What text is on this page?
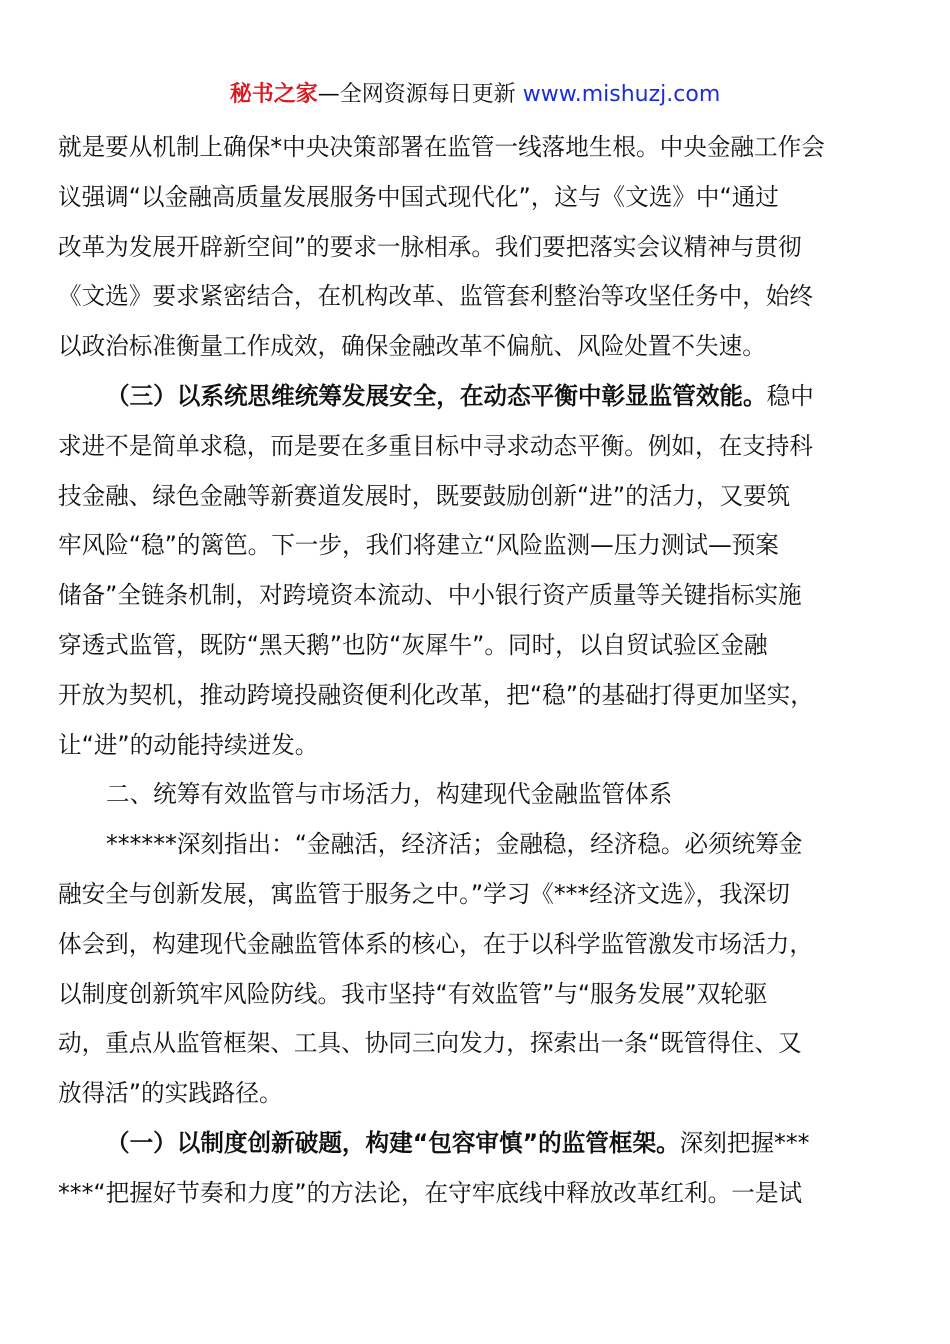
秘书之家—全网资源每日更新 www.mishuzj.com
就是要从机制上确保*中央决策部署在监管一线落地生根。中央金融工作会
议强调“以金融高质量发展服务中国式现代化”，这与《文选》中“通过
改革为发展开辟新空间”的要求一脉相承。我们要把落实会议精神与贯彻
《文选》要求紧密结合，在机构改革、监管套利整治等攻坚任务中，始终
以政治标准衡量工作成效，确保金融改革不偏航、风险处置不失速。
（三）以系统思维统筹发展安全，在动态平衡中彰显监管效能。稳中
求进不是简单求稳，而是要在多重目标中寻求动态平衡。例如，在支持科
技金融、绿色金融等新赛道发展时，既要鼓励创新“进”的活力，又要筑
牢风险“稳”的篱笆。下一步，我们将建立“风险监测—压力测试—预案
储备”全链条机制，对跨境资本流动、中小银行资产质量等关键指标实施
穿透式监管，既防“黑天鹅”也防“灰犀牛”。同时，以自贸试验区金融
开放为契机，推动跨境投融资便利化改革，把“稳”的基础打得更加坚实，
让“进”的动能持续迸发。
二、统筹有效监管与市场活力，构建现代金融监管体系
******深刻指出：“金融活，经济活；金融稳，经济稳。必须统筹金
融安全与创新发展，寓监管于服务之中。”学习《***经济文选》，我深切
体会到，构建现代金融监管体系的核心，在于以科学监管激发市场活力，
以制度创新筑牢风险防线。我市坚持“有效监管”与“服务发展”双轮驱
动，重点从监管框架、工具、协同三向发力，探索出一条“既管得住、又
放得活”的实践路径。
（一）以制度创新破题，构建“包容审慎”的监管框架。深刻把握***
***“把握好节奏和力度”的方法论，在守牢底线中释放改革红利。一是试
